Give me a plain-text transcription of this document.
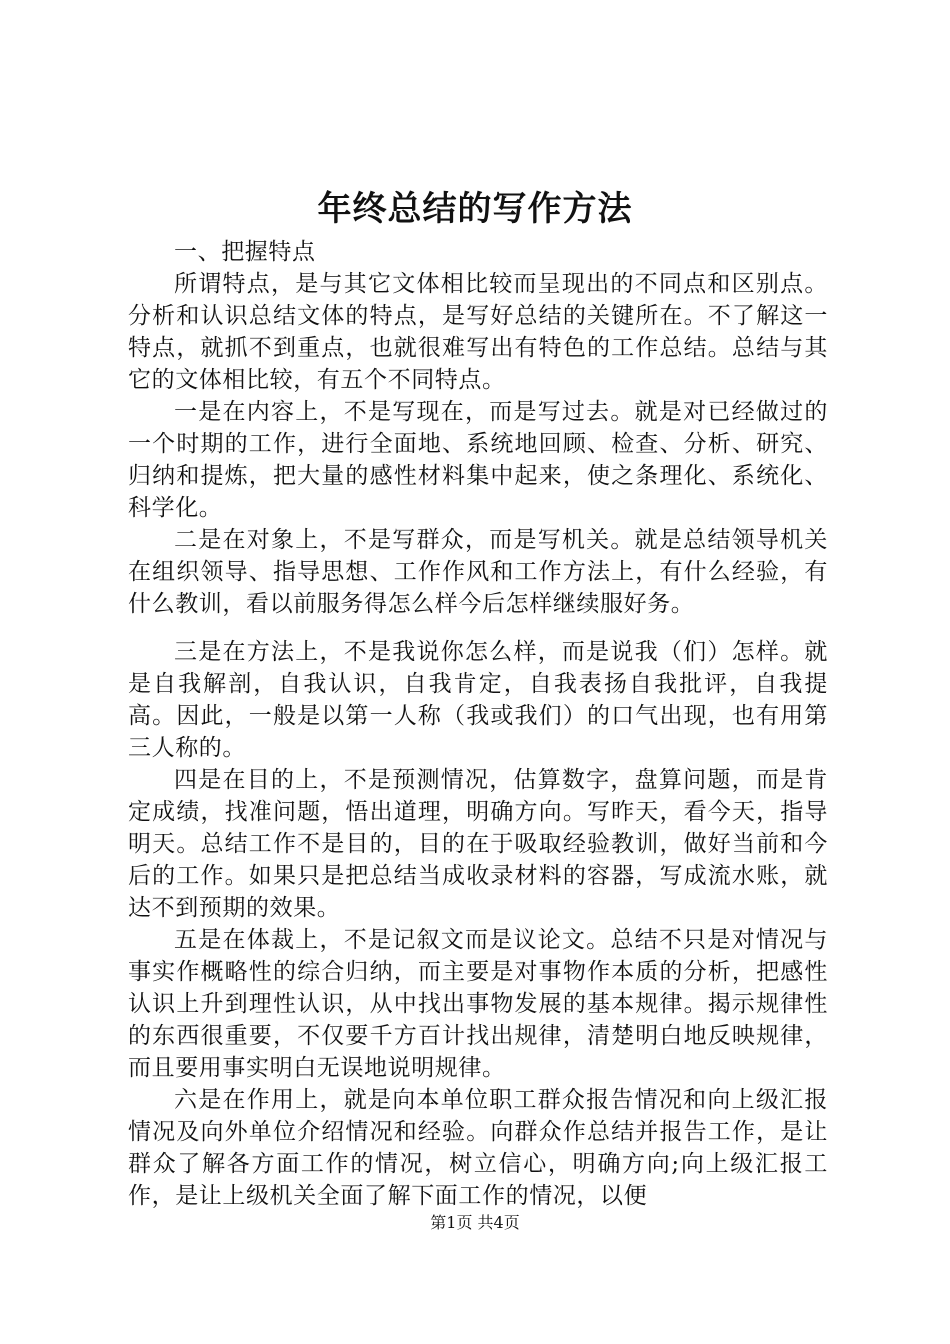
年终总结的写作方法

一、把握特点

所谓特点，是与其它文体相比较而呈现出的不同点和区别点。分析和认识总结文体的特点，是写好总结的关键所在。不了解这一特点，就抓不到重点，也就很难写出有特色的工作总结。总结与其它的文体相比较，有五个不同特点。

一是在内容上，不是写现在，而是写过去。就是对已经做过的一个时期的工作，进行全面地、系统地回顾、检查、分析、研究、归纳和提炼，把大量的感性材料集中起来，使之条理化、系统化、科学化。

二是在对象上，不是写群众，而是写机关。就是总结领导机关在组织领导、指导思想、工作作风和工作方法上，有什么经验，有什么教训，看以前服务得怎么样今后怎样继续服好务。

三是在方法上，不是我说你怎么样，而是说我（们）怎样。就是自我解剖，自我认识，自我肯定，自我表扬自我批评，自我提高。因此，一般是以第一人称（我或我们）的口气出现，也有用第三人称的。

四是在目的上，不是预测情况，估算数字，盘算问题，而是肯定成绩，找准问题，悟出道理，明确方向。写昨天，看今天，指导明天。总结工作不是目的，目的在于吸取经验教训，做好当前和今后的工作。如果只是把总结当成收录材料的容器，写成流水账，就达不到预期的效果。

五是在体裁上，不是记叙文而是议论文。总结不只是对情况与事实作概略性的综合归纳，而主要是对事物作本质的分析，把感性认识上升到理性认识，从中找出事物发展的基本规律。揭示规律性的东西很重要，不仅要千方百计找出规律，清楚明白地反映规律，而且要用事实明白无误地说明规律。

六是在作用上，就是向本单位职工群众报告情况和向上级汇报情况及向外单位介绍情况和经验。向群众作总结并报告工作，是让群众了解各方面工作的情况，树立信心，明确方向;向上级汇报工作，是让上级机关全面了解下面工作的情况，以便

第1页 共4页
